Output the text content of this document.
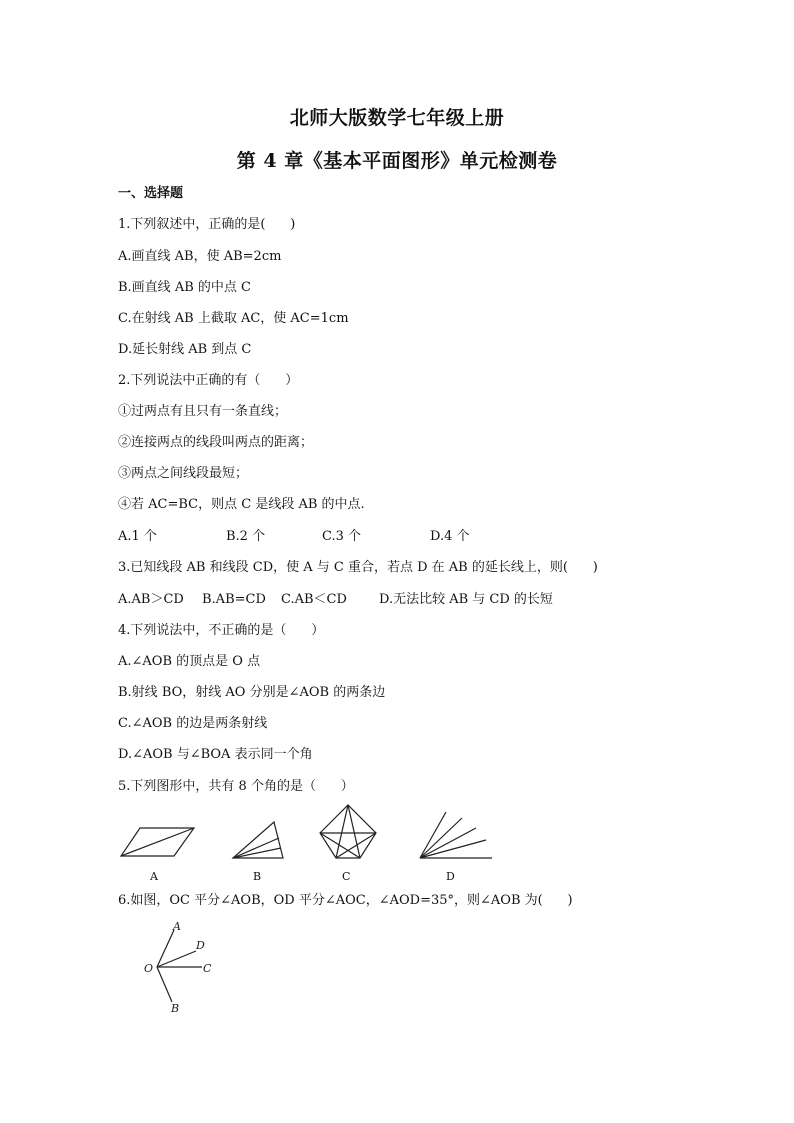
北师大版数学七年级上册
第 4 章《基本平面图形》单元检测卷
一、选择题
1.下列叙述中，正确的是(      )
A.画直线 AB，使 AB=2cm
B.画直线 AB 的中点 C
C.在射线 AB 上截取 AC，使 AC=1cm
D.延长射线 AB 到点 C
2.下列说法中正确的有（      ）
①过两点有且只有一条直线；
②连接两点的线段叫两点的距离；
③两点之间线段最短；
④若 AC=BC，则点 C 是线段 AB 的中点.
A.1 个	B.2 个	C.3 个	D.4 个
3.已知线段 AB 和线段 CD，使 A 与 C 重合，若点 D 在 AB 的延长线上，则(      )
A.AB＞CD B.AB=CD C.AB＜CD D.无法比较 AB 与 CD 的长短
4.下列说法中，不正确的是（      ）
A.∠AOB 的顶点是 O 点
B.射线 BO，射线 AO 分别是∠AOB 的两条边
C.∠AOB 的边是两条射线
D.∠AOB 与∠BOA 表示同一个角
5.下列图形中，共有 8 个角的是（      ）
A	B	C	D
6.如图，OC 平分∠AOB，OD 平分∠AOC，∠AOD=35°，则∠AOB 为(      )
A
D
O	C
B
